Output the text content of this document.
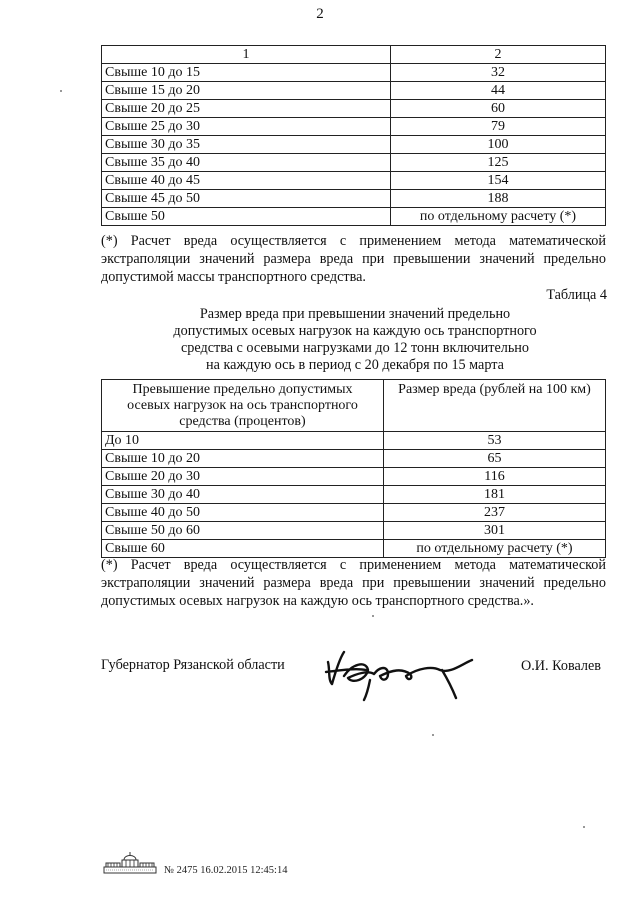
2
1	2
Свыше 10 до 15	32
Свыше 15 до 20	44
Свыше 20 до 25	60
Свыше 25 до 30	79
Свыше 30 до 35	100
Свыше 35 до 40	125
Свыше 40 до 45	154
Свыше 45 до 50	188
Свыше 50	по отдельному расчету (*)
(*) Расчет вреда осуществляется с применением метода математической
экстраполяции значений размера вреда при превышении значений предельно
допустимой массы транспортного средства.
Таблица 4
Размер вреда при превышении значений предельно
допустимых осевых нагрузок на каждую ось транспортного
средства с осевыми нагрузками до 12 тонн включительно
на каждую ось в период с 20 декабря по 15 марта
Превышение предельно допустимых
осевых нагрузок на ось транспортного
средства (процентов)	Размер вреда (рублей на 100 км)
До 10	53
Свыше 10 до 20	65
Свыше 20 до 30	116
Свыше 30 до 40	181
Свыше 40 до 50	237
Свыше 50 до 60	301
Свыше 60	по отдельному расчету (*)
(*) Расчет вреда осуществляется с применением метода математической
экстраполяции значений размера вреда при превышении значений предельно
допустимых осевых нагрузок на каждую ось транспортного средства.».
Губернатор Рязанской области	О.И. Ковалев
№ 2475 16.02.2015 12:45:14
